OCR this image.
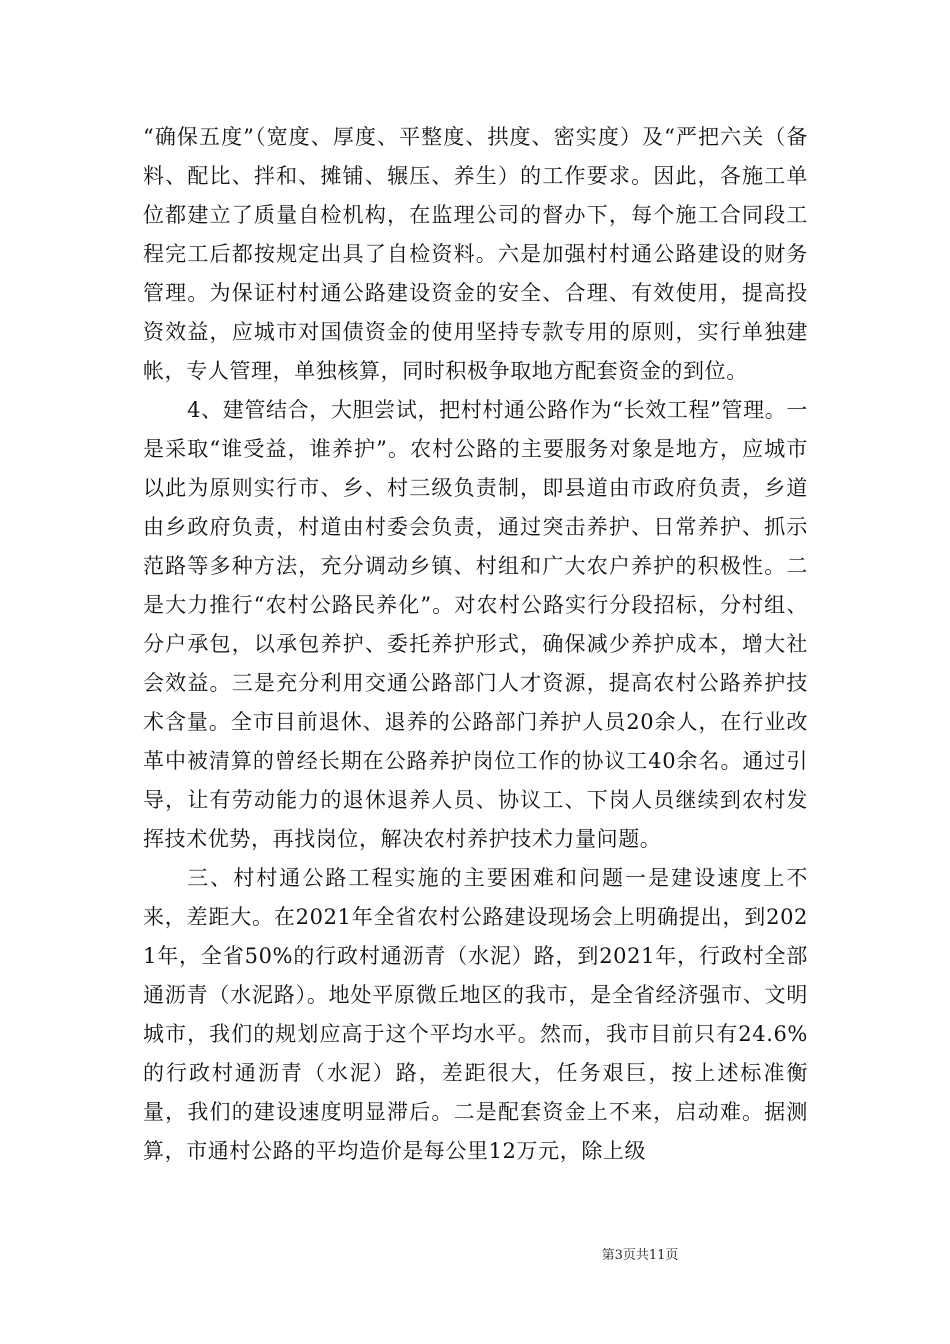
“确保五度”（宽度、厚度、平整度、拱度、密实度）及“严把六关（备料、配比、拌和、摊铺、辗压、养生）的工作要求。因此，各施工单位都建立了质量自检机构，在监理公司的督办下，每个施工合同段工程完工后都按规定出具了自检资料。六是加强村村通公路建设的财务管理。为保证村村通公路建设资金的安全、合理、有效使用，提高投资效益，应城市对国债资金的使用坚持专款专用的原则，实行单独建帐，专人管理，单独核算，同时积极争取地方配套资金的到位。

4、建管结合，大胆尝试，把村村通公路作为“长效工程”管理。一是采取“谁受益，谁养护”。农村公路的主要服务对象是地方，应城市以此为原则实行市、乡、村三级负责制，即县道由市政府负责，乡道由乡政府负责，村道由村委会负责，通过突击养护、日常养护、抓示范路等多种方法，充分调动乡镇、村组和广大农户养护的积极性。二是大力推行“农村公路民养化”。对农村公路实行分段招标，分村组、分户承包，以承包养护、委托养护形式，确保减少养护成本，增大社会效益。三是充分利用交通公路部门人才资源，提高农村公路养护技术含量。全市目前退休、退养的公路部门养护人员20余人，在行业改革中被清算的曾经长期在公路养护岗位工作的协议工40余名。通过引导，让有劳动能力的退休退养人员、协议工、下岗人员继续到农村发挥技术优势，再找岗位，解决农村养护技术力量问题。

三、村村通公路工程实施的主要困难和问题一是建设速度上不来，差距大。在2021年全省农村公路建设现场会上明确提出，到2021年，全省50%的行政村通沥青（水泥）路，到2021年，行政村全部通沥青（水泥路）。地处平原微丘地区的我市，是全省经济强市、文明城市，我们的规划应高于这个平均水平。然而，我市目前只有24.6%的行政村通沥青（水泥）路，差距很大，任务艰巨，按上述标准衡量，我们的建设速度明显滞后。二是配套资金上不来，启动难。据测算，市通村公路的平均造价是每公里12万元，除上级

第3页共11页
